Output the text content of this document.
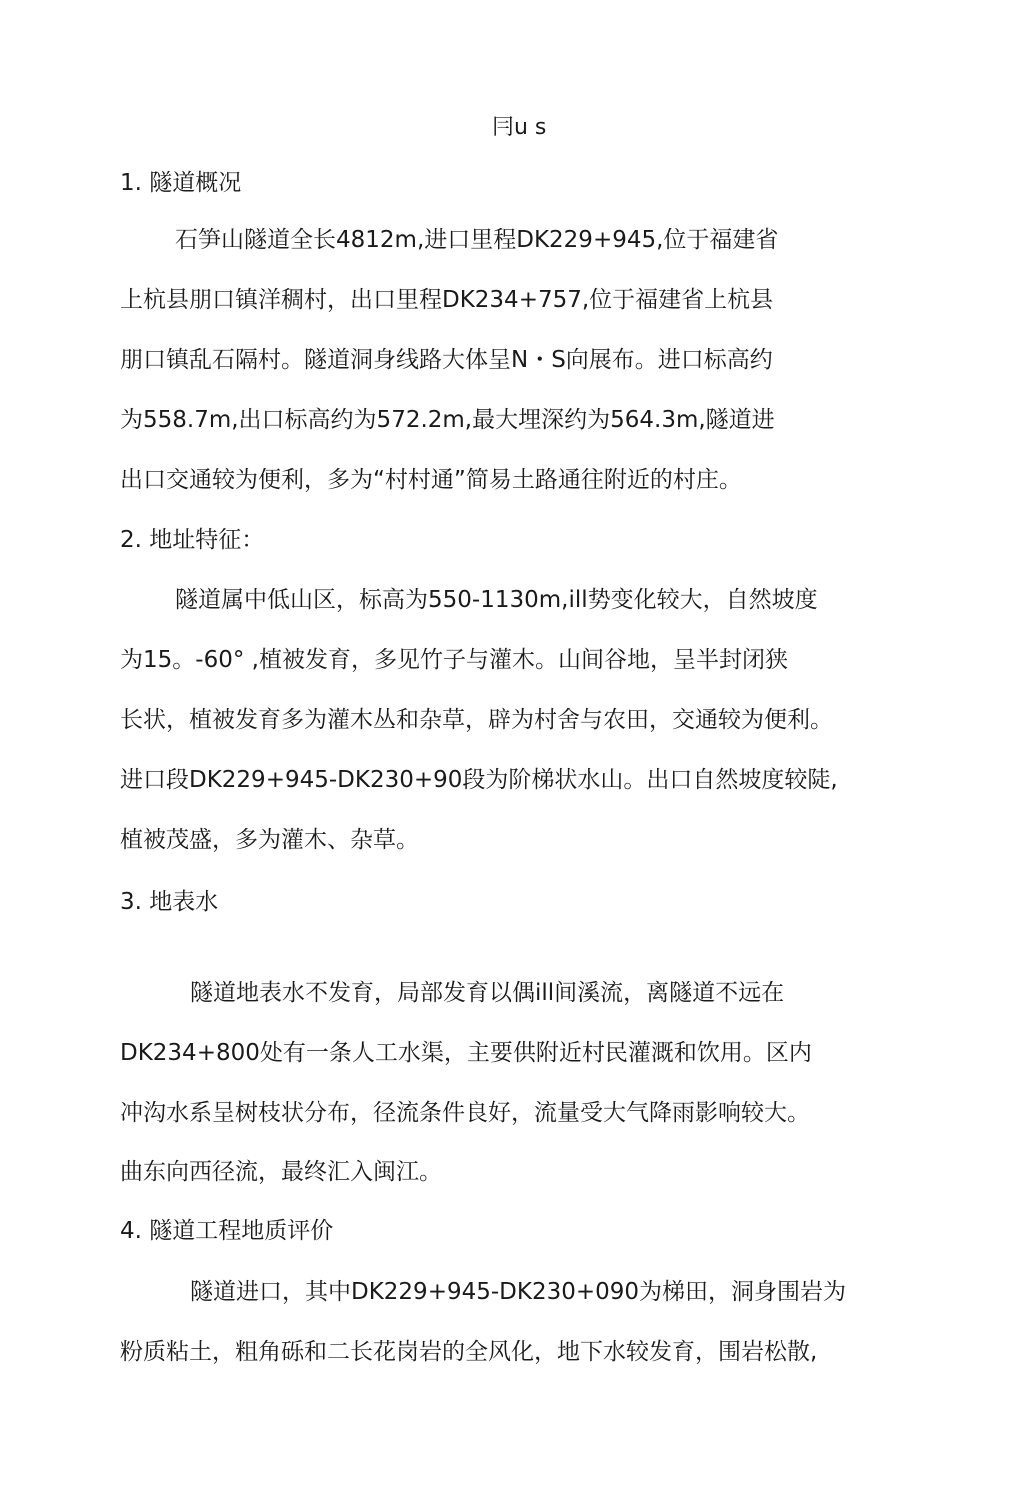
冃u s
1. 隧道概况
石笋山隧道全长4812m,进口里程DK229+945,位于福建省
上杭县朋口镇洋稠村，出口里程DK234+757,位于福建省上杭县
朋口镇乱石隔村。隧道洞身线路大体呈N・S向展布。进口标高约
为558.7m,出口标高约为572.2m,最大埋深约为564.3m,隧道进
出口交通较为便利，多为“村村通”简易土路通往附近的村庄。
2. 地址特征：
隧道属中低山区，标高为550-1130m,ill势变化较大，自然坡度
为15。-60° ,植被发育，多见竹子与灌木。山间谷地，呈半封闭狭
长状，植被发育多为灌木丛和杂草，辟为村舍与农田，交通较为便利。
进口段DK229+945-DK230+90段为阶梯状水山。出口自然坡度较陡,
植被茂盛，多为灌木、杂草。
3. 地表水
隧道地表水不发育，局部发育以偶ill间溪流，离隧道不远在
DK234+800处有一条人工水渠，主要供附近村民灌溉和饮用。区内
冲沟水系呈树枝状分布，径流条件良好，流量受大气降雨影响较大。
曲东向西径流，最终汇入闽江。
4. 隧道工程地质评价
隧道进口，其中DK229+945-DK230+090为梯田，洞身围岩为
粉质粘土，粗角砾和二长花岗岩的全风化，地下水较发育，围岩松散,
